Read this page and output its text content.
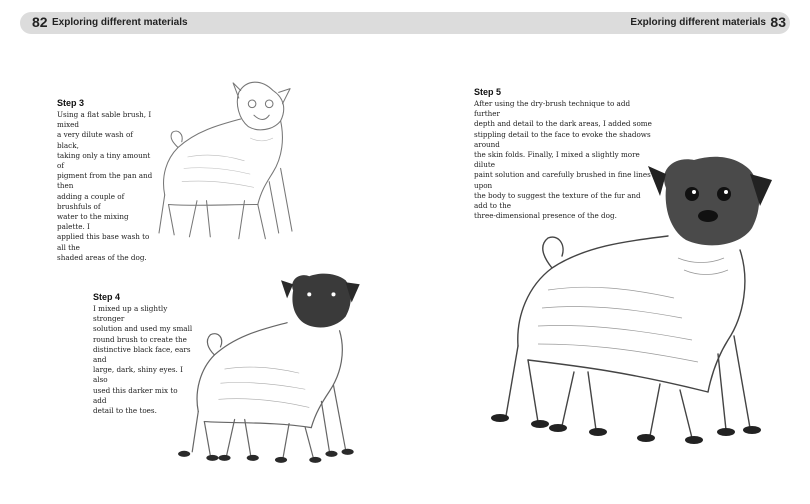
82 Exploring different materials	Exploring different materials 83
Step 3
Using a flat sable brush, I mixed
a very dilute wash of black,
taking only a tiny amount of
pigment from the pan and then
adding a couple of brushfuls of
water to the mixing palette. I
applied this base wash to all the
shaded areas of the dog.
Step 4
I mixed up a slightly stronger
solution and used my small
round brush to create the
distinctive black face, ears and
large, dark, shiny eyes. I also
used this darker mix to add
detail to the toes.
Step 5
After using the dry-brush technique to add further
depth and detail to the dark areas, I added some
stippling detail to the face to evoke the shadows around
the skin folds. Finally, I mixed a slightly more dilute
paint solution and carefully brushed in fine lines upon
the body to suggest the texture of the fur and add to the
three-dimensional presence of the dog.
